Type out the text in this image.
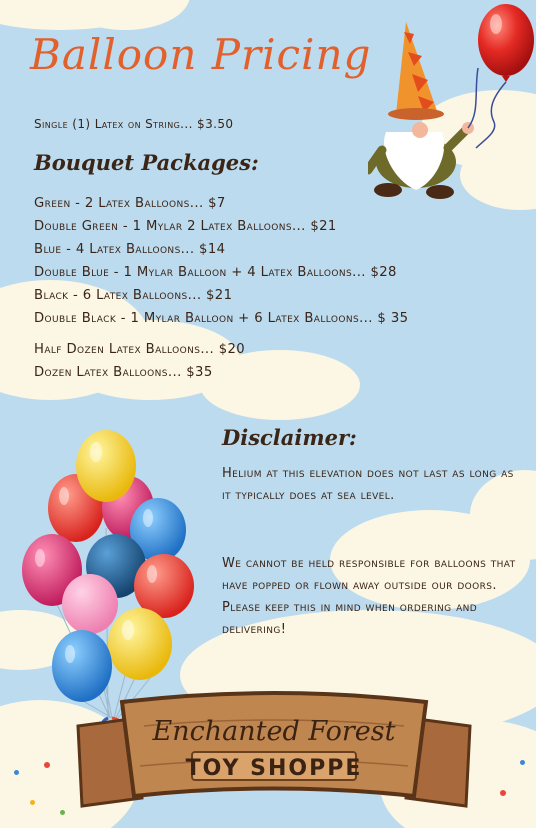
Balloon Pricing

Single (1) Latex on String... $3.50

Bouquet Packages:
Green - 2 Latex Balloons... $7
Double Green - 1 Mylar 2 Latex Balloons... $21
Blue - 4 Latex Balloons... $14
Double Blue - 1 Mylar Balloon + 4 Latex Balloons... $28
Black - 6 Latex Balloons... $21
Double Black - 1 Mylar Balloon + 6 Latex Balloons... $ 35
Half Dozen Latex Balloons... $20
Dozen Latex Balloons... $35
Disclaimer:

Helium at this elevation does not last as long as it typically does at sea level.

We cannot be held responsible for balloons that have popped or flown away outside our doors. Please keep this in mind when ordering and delivering!

Enchanted Forest

TOY SHOPPE
